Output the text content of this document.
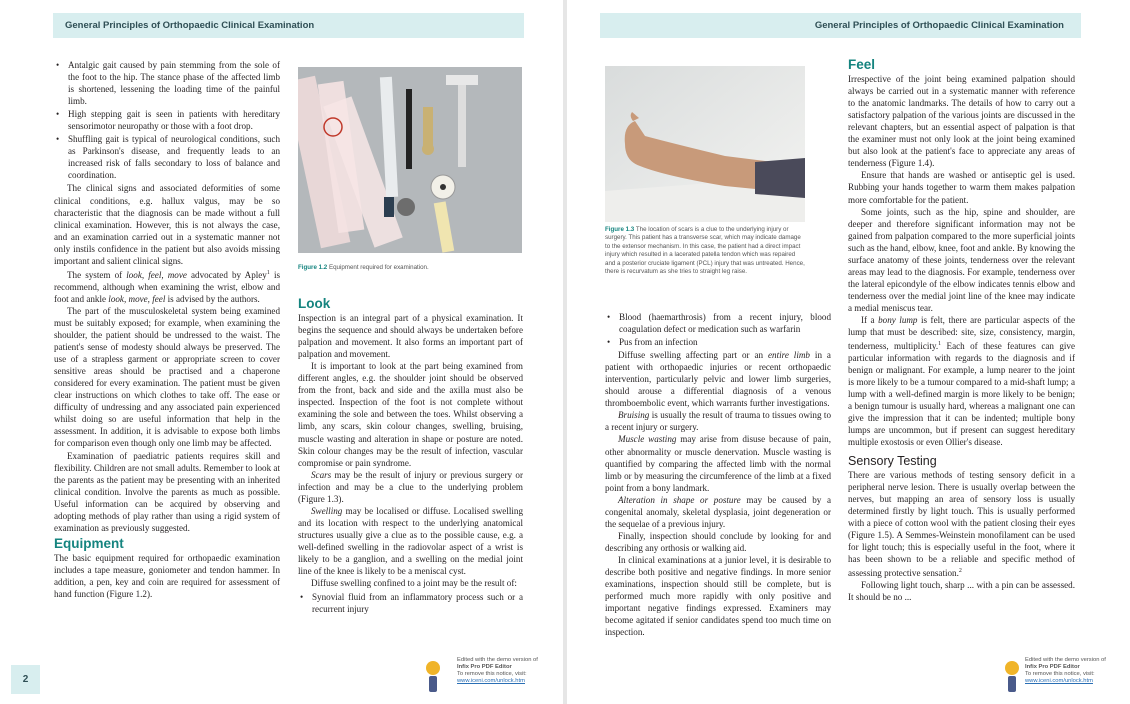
General Principles of Orthopaedic Clinical Examination
• Antalgic gait caused by pain stemming from the sole of the foot to the hip. The stance phase of the affected limb is shortened, lessening the loading time of the painful limb.
• High stepping gait is seen in patients with hereditary sensorimotor neuropathy or those with a foot drop.
• Shuffling gait is typical of neurological conditions, such as Parkinson's disease, and frequently leads to an increased risk of falls secondary to loss of balance and coordination.

The clinical signs and associated deformities of some clinical conditions, e.g. hallux valgus, may be so characteristic that the diagnosis can be made without a full clinical examination. However, this is not always the case, and an examination carried out in a systematic manner not only instils confidence in the patient but also avoids missing important and salient clinical signs.

The system of look, feel, move advocated by Apley$^1$ is recommend, although when examining the wrist, elbow and foot and ankle look, move, feel is advised by the authors.

The part of the musculoskeletal system being examined must be suitably exposed; for example, when examining the shoulder, the patient should be undressed to the waist. The patient's sense of modesty should always be preserved. The use of a strapless garment or appropriate screen to cover sensitive areas should be practised and a chaperone considered for every examination. The patient must be given clear instructions on which clothes to take off. The ease or difficulty of undressing and any associated pain experienced whilst doing so are useful information that help in the assessment. In addition, it is advisable to expose both limbs for comparison even though only one limb may be affected.

Examination of paediatric patients requires skill and flexibility. Children are not small adults. Remember to look at the parents as the patient may be presenting with an inherited clinical condition. Involve the parents as much as possible. Useful information can be acquired by observing and adopting methods of play rather than using a rigid system of examination as previously suggested.

Equipment

The basic equipment required for orthopaedic examination includes a tape measure, goniometer and tendon hammer. In addition, a pen, key and coin are required for assessment of hand function (Figure 1.2).

Figure 1.2 Equipment required for examination.
Look

Inspection is an integral part of a physical examination. It begins the sequence and should always be undertaken before palpation and movement. It also forms an important part of palpation and movement.

It is important to look at the part being examined from different angles, e.g. the shoulder joint should be observed from the front, back and side and the axilla must also be inspected. Inspection of the foot is not complete without examining the sole and between the toes. Whilst observing a limb, any scars, skin colour changes, swelling, bruising, muscle wasting and alteration in shape or posture are noted. Skin colour changes may be the result of infection, vascular compromise or pain syndrome.

Scars may be the result of injury or previous surgery or infection and may be a clue to the underlying problem (Figure 1.3).

Swelling may be localised or diffuse. Localised swelling and its location with respect to the underlying anatomical structures usually give a clue as to the possible cause, e.g. a well-defined swelling in the radiovolar aspect of a wrist is likely to be a ganglion, and a swelling on the medial joint line of the knee is likely to be a meniscal cyst.

Diffuse swelling confined to a joint may be the result of:

• Synovial fluid from an inflammatory process such or a recurrent injury
2
Edited with the demo version of
Infix Pro PDF Editor
To remove this notice, visit:
www.iceni.com/unlock.htm
General Principles of Orthopaedic Clinical Examination
Figure 1.3 The location of scars is a clue to the underlying injury or surgery. This patient has a transverse scar, which may indicate damage to the extensor mechanism. In this case, the patient had a direct impact injury which resulted in a lacerated patella tendon which was repaired and a posterior cruciate ligament (PCL) injury that was untreated. Hence, there is recurvatum as she tries to straight leg raise.
• Blood (haemarthrosis) from a recent injury, blood coagulation defect or medication such as warfarin
• Pus from an infection

Diffuse swelling affecting part or an entire limb in a patient with orthopaedic injuries or recent orthopaedic intervention, particularly pelvic and lower limb surgeries, should arouse a differential diagnosis of a venous thromboembolic event, which warrants further investigations.

Bruising is usually the result of trauma to tissues owing to a recent injury or surgery.

Muscle wasting may arise from disuse because of pain, other abnormality or muscle denervation. Muscle wasting is quantified by comparing the affected limb with the normal limb or by measuring the circumference of the limb at a fixed point from a bony landmark.

Alteration in shape or posture may be caused by a congenital anomaly, skeletal dysplasia, joint degeneration or the sequelae of a previous injury.

Finally, inspection should conclude by looking for and describing any orthosis or walking aid.

In clinical examinations at a junior level, it is desirable to describe both positive and negative findings. In more senior examinations, inspection should still be complete, but is performed much more rapidly with only positive and important negative findings expressed. Examiners may become agitated if senior candidates spend too much time on inspection.

Feel

Irrespective of the joint being examined palpation should always be carried out in a systematic manner with reference to the anatomic landmarks. The details of how to carry out a satisfactory palpation of the various joints are discussed in the relevant chapters, but an essential aspect of palpation is that the examiner must not only look at the joint being examined but also look at the patient's face to appreciate any areas of tenderness (Figure 1.4).

Ensure that hands are washed or antiseptic gel is used. Rubbing your hands together to warm them makes palpation more comfortable for the patient.

Some joints, such as the hip, spine and shoulder, are deeper and therefore significant information may not be gained from palpation compared to the more superficial joints such as the hand, elbow, knee, foot and ankle. By knowing the surface anatomy of these joints, tenderness over the relevant areas may lead to the diagnosis. For example, tenderness over the lateral epicondyle of the elbow indicates tennis elbow and tenderness over the medial joint line of the knee may indicate a medial meniscus tear.

If a bony lump is felt, there are particular aspects of the lump that must be described: site, size, consistency, margin, tenderness, multiplicity.$^1$ Each of these features can give particular information with regards to the diagnosis and if benign or malignant. For example, a lump nearer to the joint is more likely to be a tumour compared to a mid-shaft lump; a lump with a well-defined margin is more likely to be benign; a benign tumour is usually hard, whereas a malignant one can give the impression that it can be indented; multiple bony lumps are uncommon, but if present can suggest hereditary multiple exostosis or even Ollier's disease.

Sensory Testing

There are various methods of testing sensory deficit in a peripheral nerve lesion. There is usually overlap between the nerves, but mapping an area of sensory loss is usually determined firstly by light touch. This is usually performed with a piece of cotton wool with the patient closing their eyes (Figure 1.5). A Semmes-Weinstein monofilament can be used for light touch; this is especially useful in the foot, where it has been shown to be a reliable and specific method of assessing protective sensation.$^2$

Following light touch, sharp ... with a pin can be assessed. It should be no ...

Edited with the demo version of
Infix Pro PDF Editor
To remove this notice, visit:
www.iceni.com/unlock.htm
